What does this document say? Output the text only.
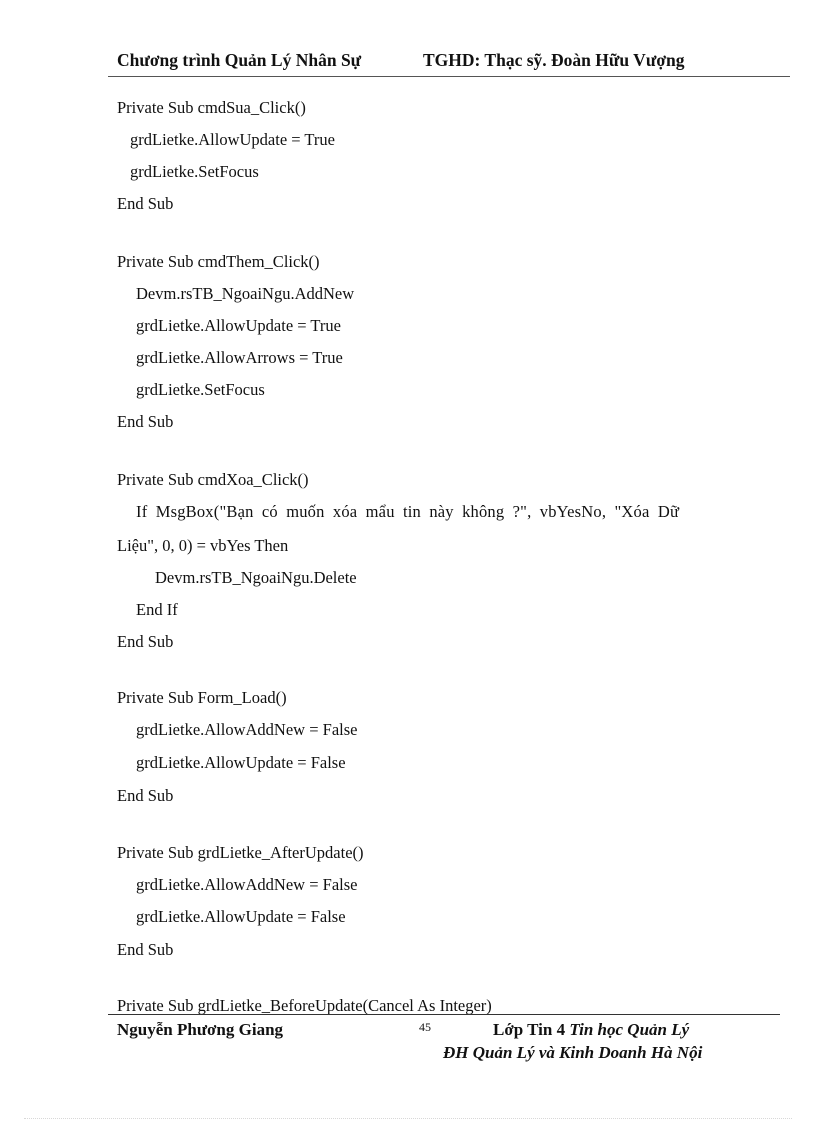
Chương trình Quản Lý Nhân Sự	TGHD: Thạc sỹ. Đoàn Hữu Vượng
Private Sub cmdSua_Click()
grdLietke.AllowUpdate = True
grdLietke.SetFocus
End Sub
Private Sub cmdThem_Click()
Devm.rsTB_NgoaiNgu.AddNew
grdLietke.AllowUpdate = True
grdLietke.AllowArrows = True
grdLietke.SetFocus
End Sub
Private Sub cmdXoa_Click()
If MsgBox("Bạn có muốn xóa mẩu tin này không ?", vbYesNo, "Xóa Dữ
Liệu", 0, 0) = vbYes Then
Devm.rsTB_NgoaiNgu.Delete
End If
End Sub
Private Sub Form_Load()
grdLietke.AllowAddNew = False
grdLietke.AllowUpdate = False
End Sub
Private Sub grdLietke_AfterUpdate()
grdLietke.AllowAddNew = False
grdLietke.AllowUpdate = False
End Sub
Private Sub grdLietke_BeforeUpdate(Cancel As Integer)
Nguyễn Phương Giang	45	Lớp Tin 4 Tin học Quản Lý
ĐH Quản Lý và Kinh Doanh Hà Nội
